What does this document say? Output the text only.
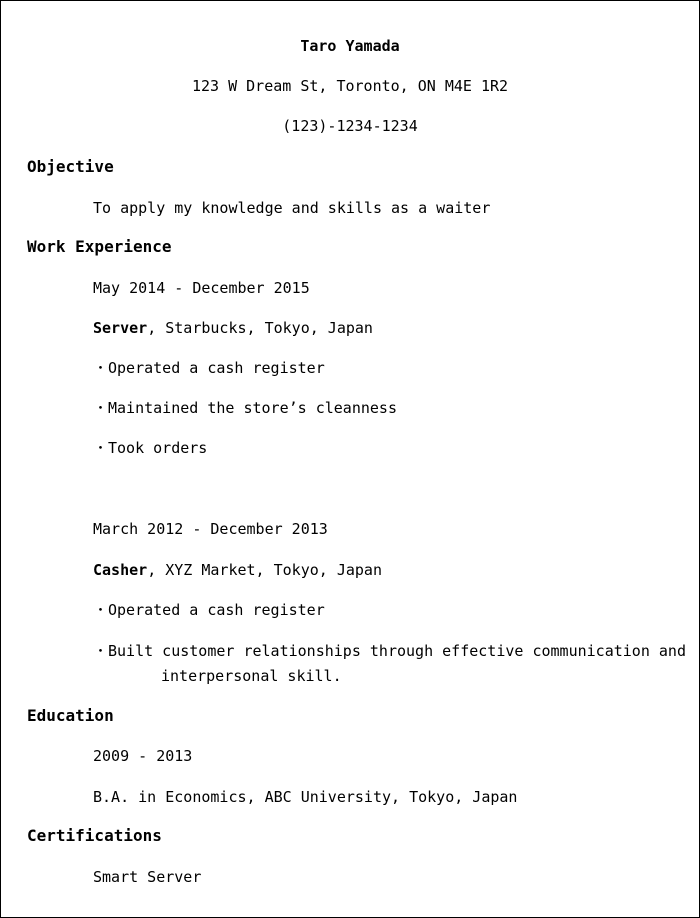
Taro Yamada
123 W Dream St, Toronto, ON M4E 1R2
(123)-1234-1234
Objective
To apply my knowledge and skills as a waiter
Work Experience
May 2014 - December 2015
Server, Starbucks, Tokyo, Japan
・Operated a cash register
・Maintained the store’s cleanness
・Took orders
March 2012 - December 2013
Casher, XYZ Market, Tokyo, Japan
・Operated a cash register
・Built customer relationships through effective communication and
interpersonal skill.
Education
2009 - 2013
B.A. in Economics, ABC University, Tokyo, Japan
Certifications
Smart Server
